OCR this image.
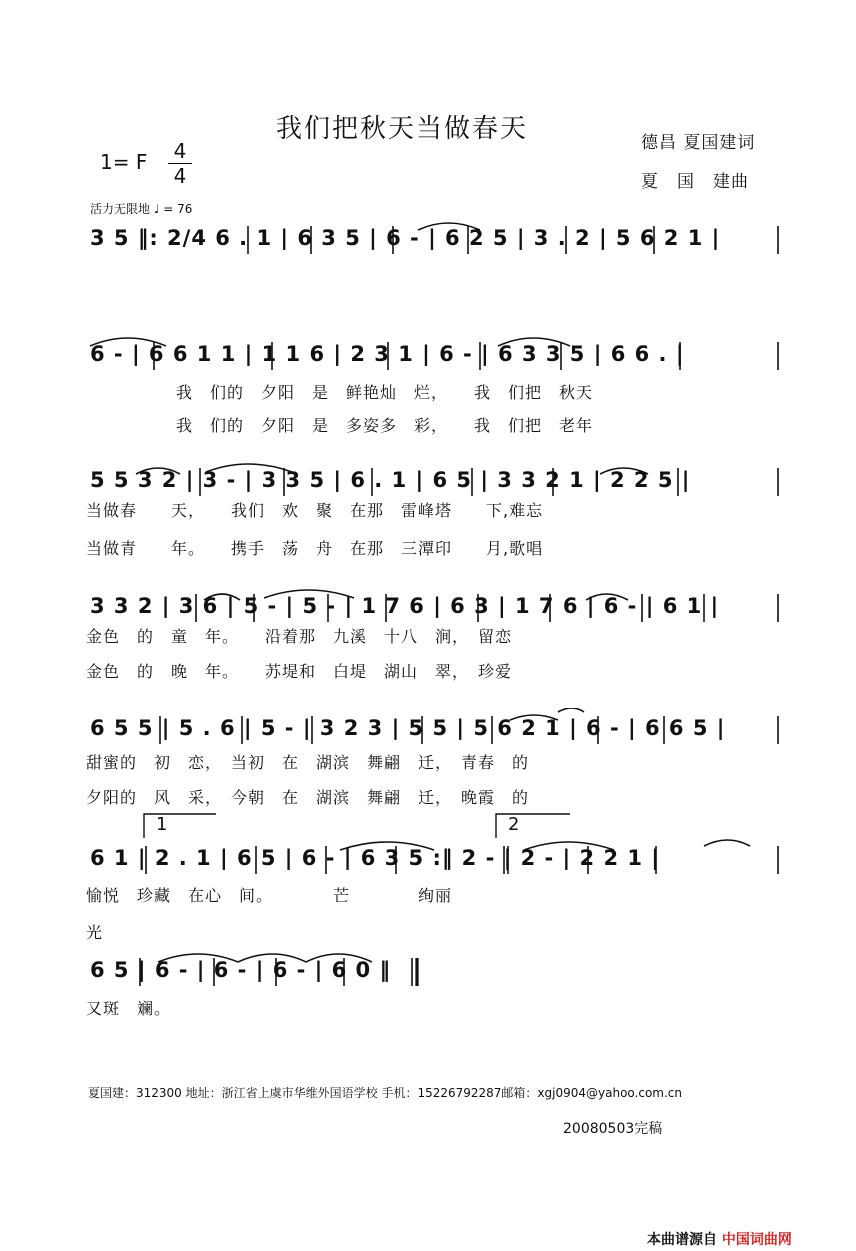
我们把秋天当做春天	德昌 夏国建词
夏　国　建曲
1= F 4
4
活力无限地 ♩ = 76
3 5 ‖: 2/4 6 . 1 | 6 3 5 | 6 - | 6 2 5 | 3 . 2 | 5 6 2 1 |
6 - | 6 6 1 1 | 1 1 6 | 2 3 1 | 6 - | 6 3 3 5 | 6 6 . |
我　们的　夕阳　是　鲜艳灿　烂，　　我　们把　秋天
我　们的　夕阳　是　多姿多　彩，　　我　们把　老年
5 5 3 2 | 3 - | 3 3 5 | 6 . 1 | 6 5 | 3 3 2 1 | 2 2 5 |
当做春　　天，　　我们　欢　聚　在那　雷峰塔　　下,难忘
当做青　　年。　　携手　荡　舟　在那　三潭印　　月,歌唱
3 3 2 | 3 6 | 5 - | 5 - | 1 7 6 | 6 3 | 1 7 6 | 6 - | 6 1 |
金色　的　童　年。　　沿着那　九溪　十八　涧，　留恋
金色　的　晚　年。　　苏堤和　白堤　湖山　翠，　珍爱
6 5 5 | 5 . 6 | 5 - | 3 2 3 | 5 5 | 5 6 2 1 | 6 - | 6 6 5 |
甜蜜的　初　恋，　当初　在　湖滨　舞翩　迁，　青春　的
夕阳的　风　采，　今朝　在　湖滨　舞翩　迁，　晚霞　的
1	2
6 1 | 2 . 1 | 6 5 | 6 - | 6 3 5 :‖ 2 - | 2 - | 2 2 1 |
愉悦　珍藏　在心　间。　　　　芒　　　　绚丽
光
6 5 | 6 - | 6 - | 6 - | 6 0 ‖
又斑　斓。
夏国建：312300 地址：浙江省上虞市华维外国语学校 手机：15226792287邮箱：xgj0904@yahoo.com.cn
20080503完稿
本曲谱源自 中国词曲网
